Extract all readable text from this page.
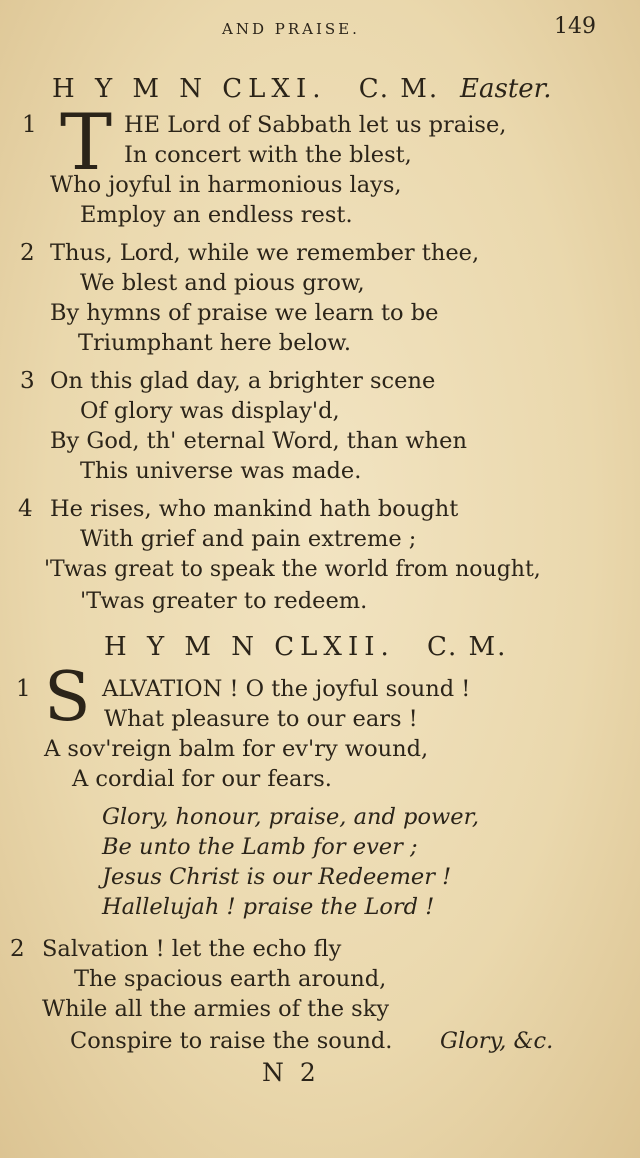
AND PRAISE.	149
H Y M N CLXI. C. M. Easter.
1 T HE Lord of Sabbath let us praise,
In concert with the blest,
Who joyful in harmonious lays,
Employ an endless rest.
2 Thus, Lord, while we remember thee,
We blest and pious grow,
By hymns of praise we learn to be
Triumphant here below.
3 On this glad day, a brighter scene
Of glory was display'd,
By God, th' eternal Word, than when
This universe was made.
4 He rises, who mankind hath bought
With grief and pain extreme ;
'Twas great to speak the world from nought,
'Twas greater to redeem.
H Y M N CLXII. C. M.
1 S ALVATION ! O the joyful sound !
What pleasure to our ears !
A sov'reign balm for ev'ry wound,
A cordial for our fears.
Glory, honour, praise, and power,
Be unto the Lamb for ever ;
Jesus Christ is our Redeemer !
Hallelujah ! praise the Lord !
2 Salvation ! let the echo fly
The spacious earth around,
While all the armies of the sky
Conspire to raise the sound. Glory, &c.
N 2
